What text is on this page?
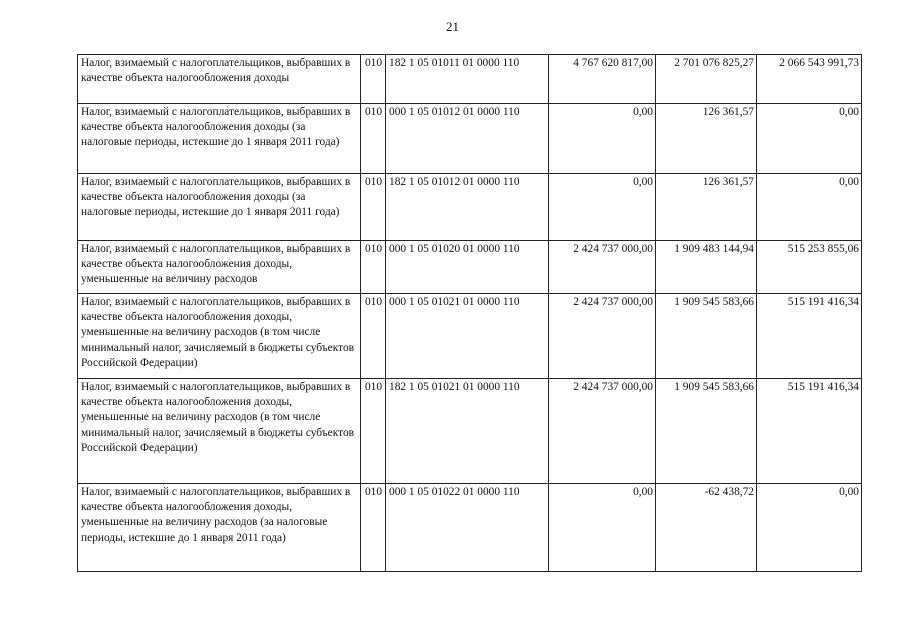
21
Налог, взимаемый с налогоплательщиков, выбравших в качестве объекта налогообложения доходы	010	182 1 05 01011 01 0000 110	4 767 620 817,00	2 701 076 825,27	2 066 543 991,73
Налог, взимаемый с налогоплательщиков, выбравших в качестве объекта налогообложения доходы (за налоговые периоды, истекшие до 1 января 2011 года)	010	000 1 05 01012 01 0000 110	0,00	126 361,57	0,00
Налог, взимаемый с налогоплательщиков, выбравших в качестве объекта налогообложения доходы (за налоговые периоды, истекшие до 1 января 2011 года)	010	182 1 05 01012 01 0000 110	0,00	126 361,57	0,00
Налог, взимаемый с налогоплательщиков, выбравших в качестве объекта налогообложения доходы, уменьшенные на величину расходов	010	000 1 05 01020 01 0000 110	2 424 737 000,00	1 909 483 144,94	515 253 855,06
Налог, взимаемый с налогоплательщиков, выбравших в качестве объекта налогообложения доходы, уменьшенные на величину расходов (в том числе минимальный налог, зачисляемый в бюджеты субъектов Российской Федерации)	010	000 1 05 01021 01 0000 110	2 424 737 000,00	1 909 545 583,66	515 191 416,34
Налог, взимаемый с налогоплательщиков, выбравших в качестве объекта налогообложения доходы, уменьшенные на величину расходов (в том числе минимальный налог, зачисляемый в бюджеты субъектов Российской Федерации)	010	182 1 05 01021 01 0000 110	2 424 737 000,00	1 909 545 583,66	515 191 416,34
Налог, взимаемый с налогоплательщиков, выбравших в качестве объекта налогообложения доходы, уменьшенные на величину расходов (за налоговые периоды, истекшие до 1 января 2011 года)	010	000 1 05 01022 01 0000 110	0,00	-62 438,72	0,00
